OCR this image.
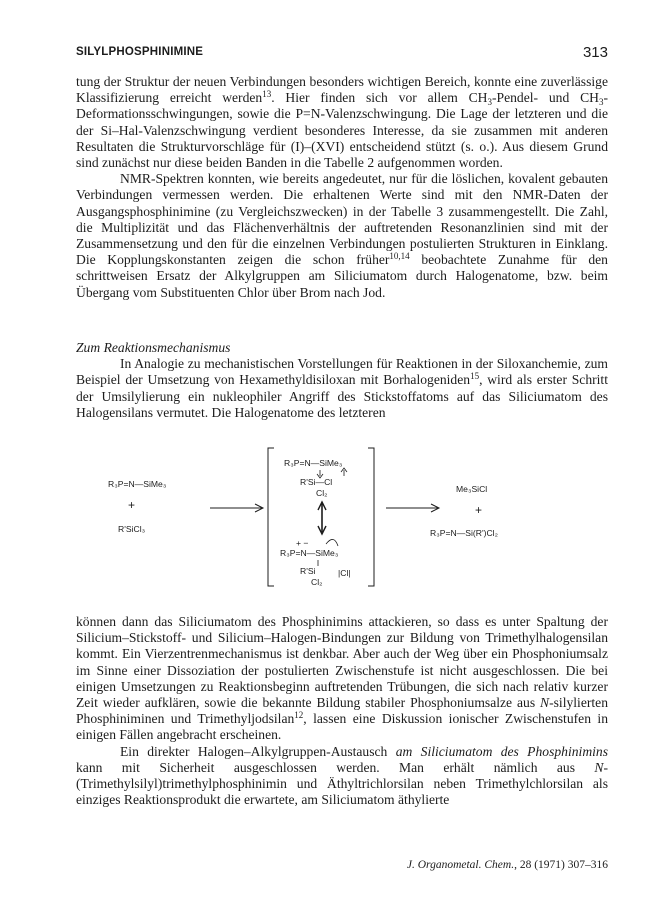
SILYLPHOSPHINIMINE	313

tung der Struktur der neuen Verbindungen besonders wichtigen Bereich, konnte eine zuverlässige Klassifizierung erreicht werden$^{13}$. Hier finden sich vor allem $CH_3-Pendel-$ und $CH_3$-Deformationsschwingungen, sowie die P=N-Valenzschwingung. Die Lage der letzteren und die der Si–Hal-Valenzschwingung verdient besonderes Interesse, da sie zusammen mit anderen Resultaten die Strukturvorschläge für (I)–(XVI) entscheidend stützt (s. o.). Aus diesem Grund sind zunächst nur diese beiden Banden in die Tabelle 2 aufgenommen worden.

NMR-Spektren konnten, wie bereits angedeutet, nur für die löslichen, kovalent gebauten Verbindungen vermessen werden. Die erhaltenen Werte sind mit den NMR-Daten der Ausgangsphosphinimine (zu Vergleichszwecken) in der Tabelle 3 zusammengestellt. Die Zahl, die Multiplizität und das Flächenverhältnis der auftretenden Resonanzlinien sind mit der Zusammensetzung und den für die einzelnen Verbindungen postulierten Strukturen in Einklang. Die Kopplungskonstanten zeigen die schon früher$^{10,14}$ beobachtete Zunahme für den schrittweisen Ersatz der Alkylgruppen am Siliciumatom durch Halogenatome, bzw. beim Übergang vom Substituenten Chlor über Brom nach Jod.

Zum Reaktionsmechanismus

In Analogie zu mechanistischen Vorstellungen für Reaktionen in der Siloxanchemie, zum Beispiel der Umsetzung von Hexamethyldisiloxan mit Borhalogeniden$^{15}$, wird als erster Schritt der Umsilylierung ein nukleophiler Angriff des Stickstoffatoms auf das Siliciumatom des Halogensilans vermutet. Die Halogenatome des letzteren

R₃P=N—SiMe₃
+
R'SiCl₃
R₃P=N—SiMe₃
R'Si—Cl
Cl₂
+ −
R₃P=N—SiMe₃
R'Si	|Cl|
Cl₂
Me₃SiCl
+
R₃P=N—Si(R')Cl₂

können dann das Siliciumatom des Phosphinimins attackieren, so dass es unter Spaltung der Silicium–Stickstoff- und Silicium–Halogen-Bindungen zur Bildung von Trimethylhalogensilan kommt. Ein Vierzentrenmechanismus ist denkbar. Aber auch der Weg über ein Phosphoniumsalz im Sinne einer Dissoziation der postulierten Zwischenstufe ist nicht ausgeschlossen. Die bei einigen Umsetzungen zu Reaktionsbeginn auftretenden Trübungen, die sich nach relativ kurzer Zeit wieder aufklären, sowie die bekannte Bildung stabiler Phosphoniumsalze aus N-silylierten Phosphiniminen und Trimethyljodsilan$^{12}$, lassen eine Diskussion ionischer Zwischenstufen in einigen Fällen angebracht erscheinen.

Ein direkter Halogen–Alkylgruppen-Austausch am Siliciumatom des Phosphinimins kann mit Sicherheit ausgeschlossen werden. Man erhält nämlich aus N-(Trimethylsilyl)trimethylphosphinimin und Äthyltrichlorsilan neben Trimethylchlorsilan als einziges Reaktionsprodukt die erwartete, am Siliciumatom äthylierte

J. Organometal. Chem., 28 (1971) 307–316
